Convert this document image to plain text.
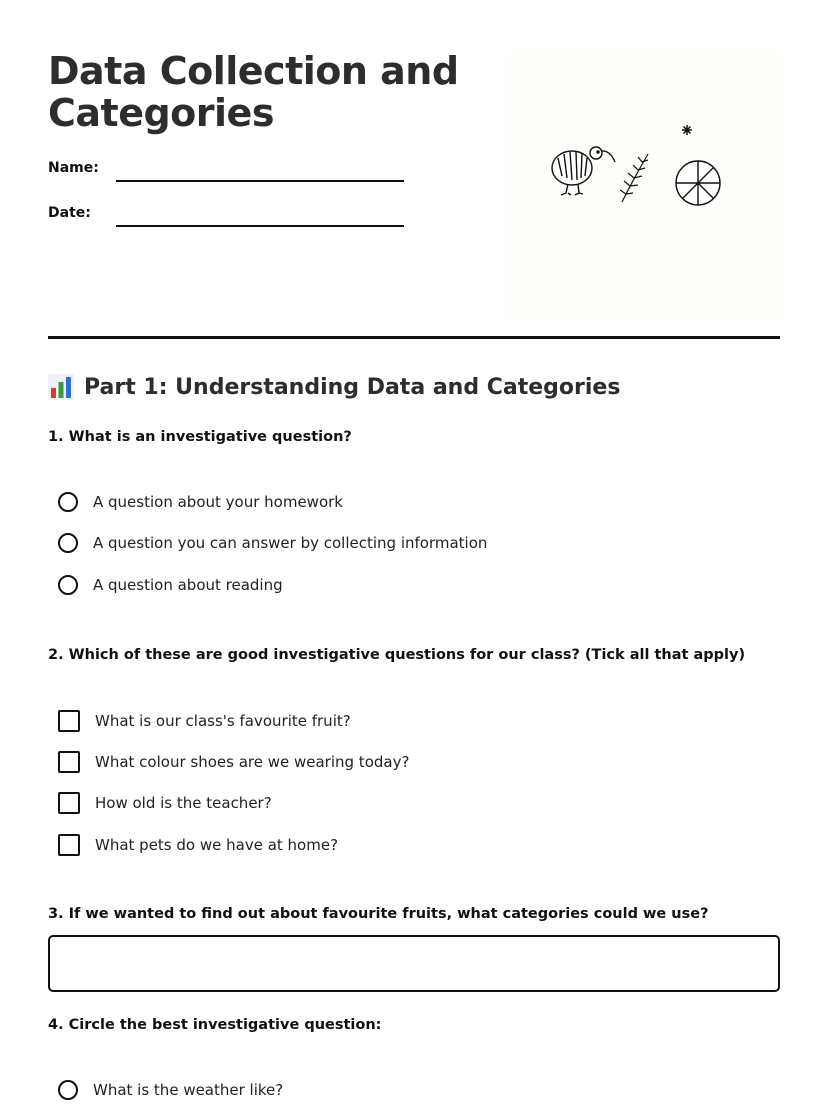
Data Collection and
Categories
Name:
Date:
Part 1: Understanding Data and Categories
1. What is an investigative question?
A question about your homework
A question you can answer by collecting information
A question about reading
2. Which of these are good investigative questions for our class? (Tick all that apply)
What is our class's favourite fruit?
What colour shoes are we wearing today?
How old is the teacher?
What pets do we have at home?
3. If we wanted to find out about favourite fruits, what categories could we use?
4. Circle the best investigative question:
What is the weather like?
